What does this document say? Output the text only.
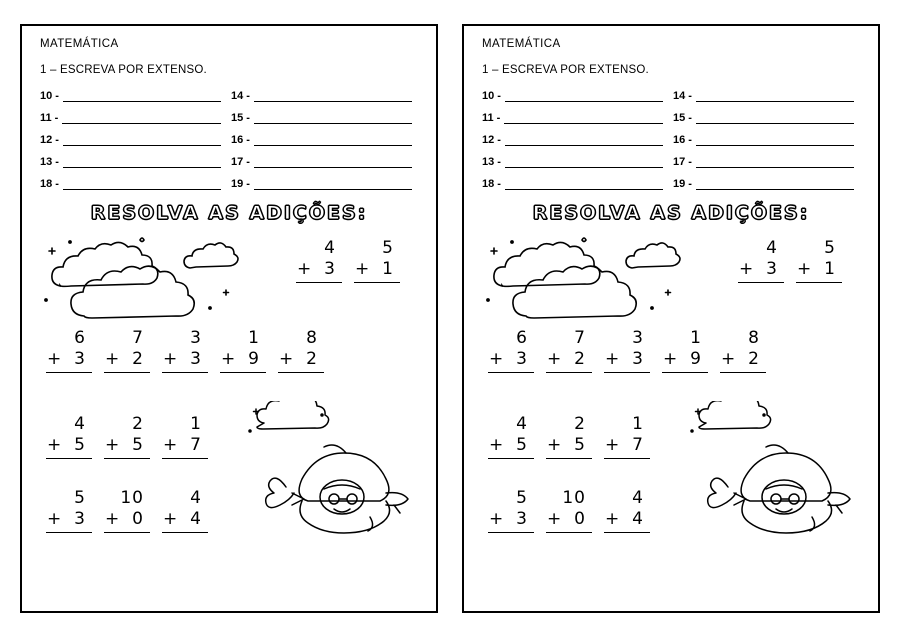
MATEMÁTICA
1 – ESCREVA POR EXTENSO.
10 -	14 -
11 -	15 -
12 -	16 -
13 -	17 -
18 -	19 -
RESOLVA AS ADIÇÕES:
4
+ 3
5
+ 1
6
+ 3
7
+ 2
3
+ 3
1
+ 9
8
+ 2
4
+ 5
2
+ 5
1
+ 7
5
+ 3
10
+ 0
4
+ 4
MATEMÁTICA
1 – ESCREVA POR EXTENSO.
10 -	14 -
11 -	15 -
12 -	16 -
13 -	17 -
18 -	19 -
RESOLVA AS ADIÇÕES:
4
+ 3
5
+ 1
6
+ 3
7
+ 2
3
+ 3
1
+ 9
8
+ 2
4
+ 5
2
+ 5
1
+ 7
5
+ 3
10
+ 0
4
+ 4
